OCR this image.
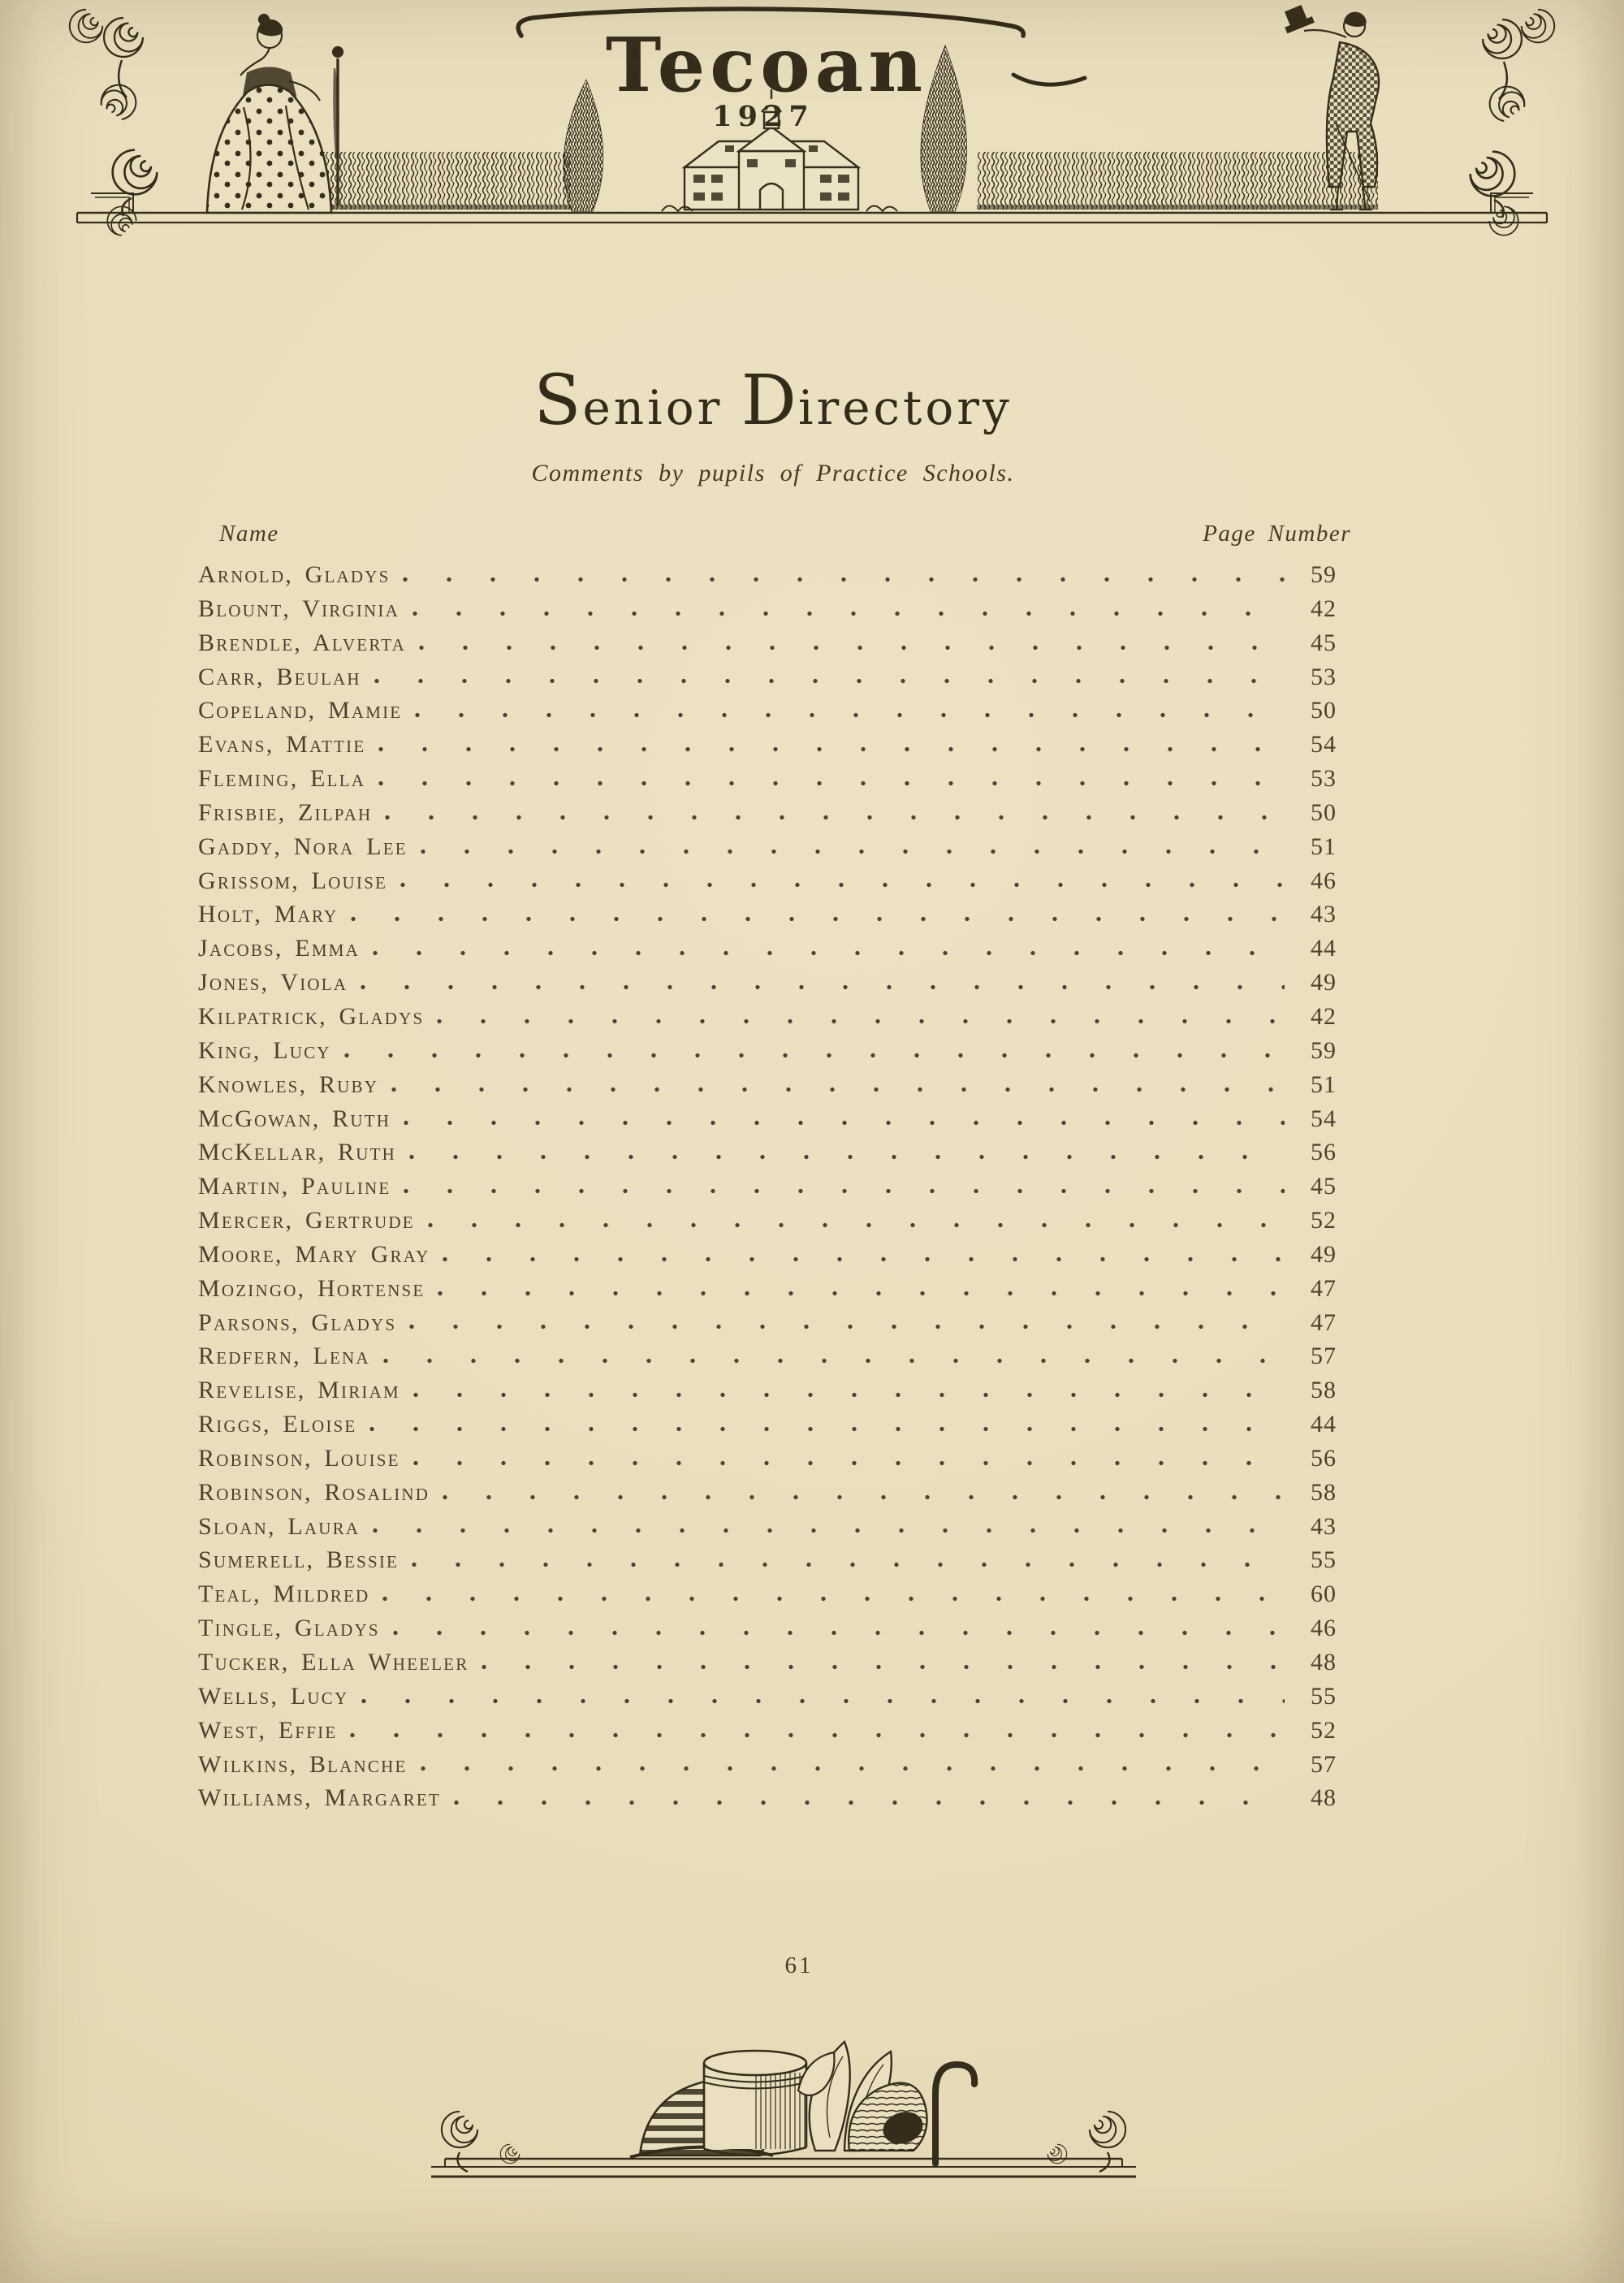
Tecoan
1927
Senior Directory
Comments by pupils of Practice Schools.
Name	Page Number
Arnold, Gladys	59
Blount, Virginia	42
Brendle, Alverta	45
Carr, Beulah	53
Copeland, Mamie	50
Evans, Mattie	54
Fleming, Ella	53
Frisbie, Zilpah	50
Gaddy, Nora Lee	51
Grissom, Louise	46
Holt, Mary	43
Jacobs, Emma	44
Jones, Viola	49
Kilpatrick, Gladys	42
King, Lucy	59
Knowles, Ruby	51
McGowan, Ruth	54
McKellar, Ruth	56
Martin, Pauline	45
Mercer, Gertrude	52
Moore, Mary Gray	49
Mozingo, Hortense	47
Parsons, Gladys	47
Redfern, Lena	57
Revelise, Miriam	58
Riggs, Eloise	44
Robinson, Louise	56
Robinson, Rosalind	58
Sloan, Laura	43
Sumerell, Bessie	55
Teal, Mildred	60
Tingle, Gladys	46
Tucker, Ella Wheeler	48
Wells, Lucy	55
West, Effie	52
Wilkins, Blanche	57
Williams, Margaret	48
61
